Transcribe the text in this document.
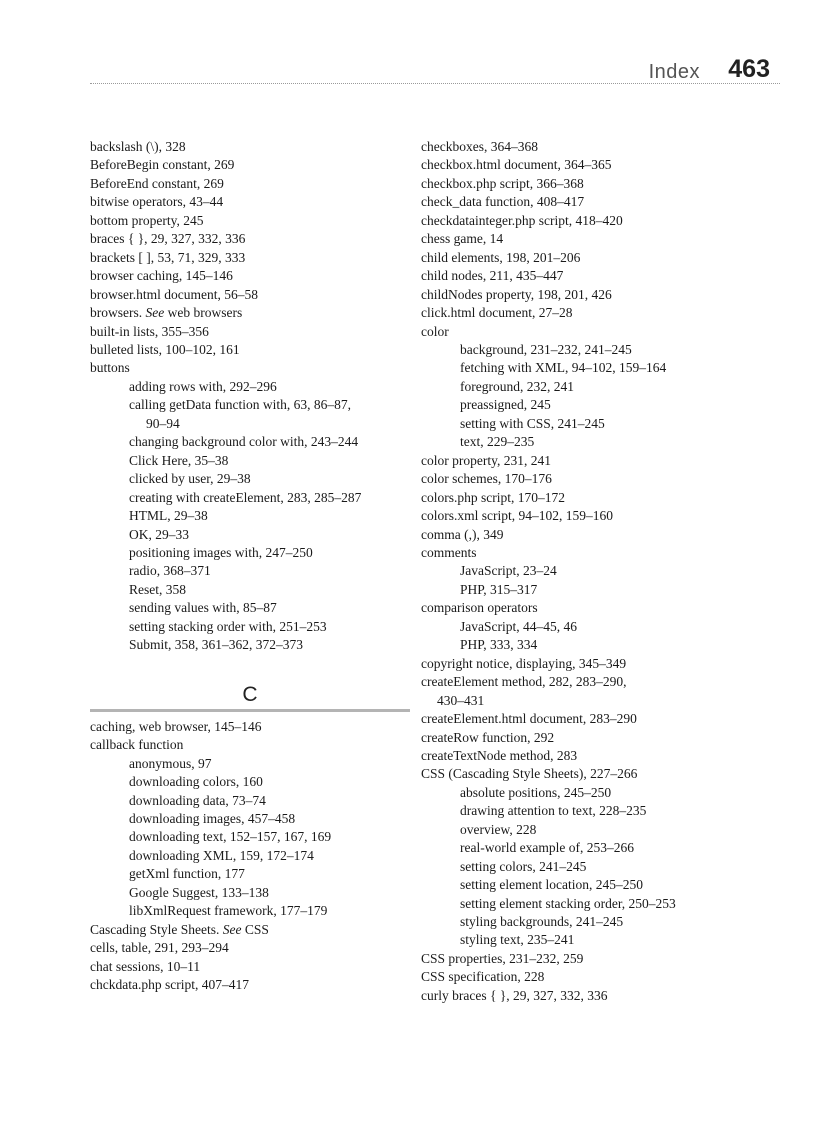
Index 463
backslash (\), 328
BeforeBegin constant, 269
BeforeEnd constant, 269
bitwise operators, 43–44
bottom property, 245
braces { }, 29, 327, 332, 336
brackets [ ], 53, 71, 329, 333
browser caching, 145–146
browser.html document, 56–58
browsers. See web browsers
built-in lists, 355–356
bulleted lists, 100–102, 161
buttons
adding rows with, 292–296
calling getData function with, 63, 86–87,
90–94
changing background color with, 243–244
Click Here, 35–38
clicked by user, 29–38
creating with createElement, 283, 285–287
HTML, 29–38
OK, 29–33
positioning images with, 247–250
radio, 368–371
Reset, 358
sending values with, 85–87
setting stacking order with, 251–253
Submit, 358, 361–362, 372–373
C
caching, web browser, 145–146
callback function
anonymous, 97
downloading colors, 160
downloading data, 73–74
downloading images, 457–458
downloading text, 152–157, 167, 169
downloading XML, 159, 172–174
getXml function, 177
Google Suggest, 133–138
libXmlRequest framework, 177–179
Cascading Style Sheets. See CSS
cells, table, 291, 293–294
chat sessions, 10–11
chckdata.php script, 407–417
checkboxes, 364–368
checkbox.html document, 364–365
checkbox.php script, 366–368
check_data function, 408–417
checkdatainteger.php script, 418–420
chess game, 14
child elements, 198, 201–206
child nodes, 211, 435–447
childNodes property, 198, 201, 426
click.html document, 27–28
color
background, 231–232, 241–245
fetching with XML, 94–102, 159–164
foreground, 232, 241
preassigned, 245
setting with CSS, 241–245
text, 229–235
color property, 231, 241
color schemes, 170–176
colors.php script, 170–172
colors.xml script, 94–102, 159–160
comma (,), 349
comments
JavaScript, 23–24
PHP, 315–317
comparison operators
JavaScript, 44–45, 46
PHP, 333, 334
copyright notice, displaying, 345–349
createElement method, 282, 283–290,
430–431
createElement.html document, 283–290
createRow function, 292
createTextNode method, 283
CSS (Cascading Style Sheets), 227–266
absolute positions, 245–250
drawing attention to text, 228–235
overview, 228
real-world example of, 253–266
setting colors, 241–245
setting element location, 245–250
setting element stacking order, 250–253
styling backgrounds, 241–245
styling text, 235–241
CSS properties, 231–232, 259
CSS specification, 228
curly braces { }, 29, 327, 332, 336
